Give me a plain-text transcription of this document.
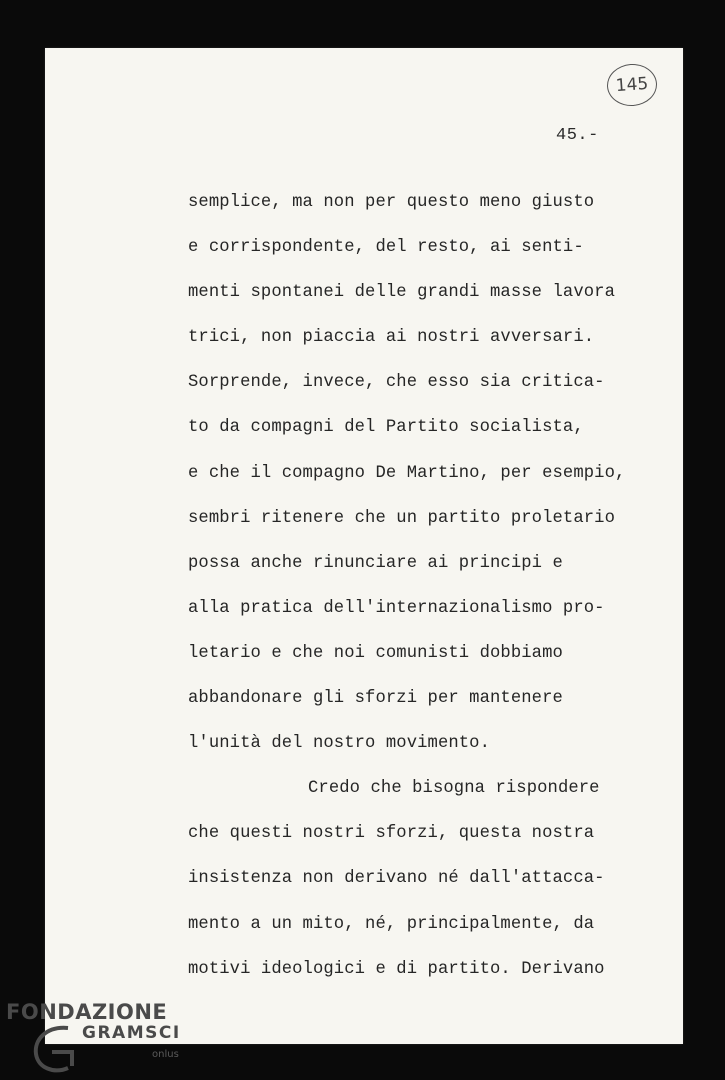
145
45.-
semplice, ma non per questo meno giusto
e corrispondente, del resto, ai senti-
menti spontanei delle grandi masse lavora
trici, non piaccia ai nostri avversari.
Sorprende, invece, che esso sia critica-
to da compagni del Partito socialista,
e che il compagno De Martino, per esempio,
sembri ritenere che un partito proletario
possa anche rinunciare ai principi e
alla pratica dell'internazionalismo pro-
letario e che noi comunisti dobbiamo
abbandonare gli sforzi per mantenere
l'unità del nostro movimento.
Credo che bisogna rispondere
che questi nostri sforzi, questa nostra
insistenza non derivano né dall'attacca-
mento a un mito, né, principalmente, da
motivi ideologici e di partito. Derivano
FONDAZIONE
GRAMSCI
onlus
